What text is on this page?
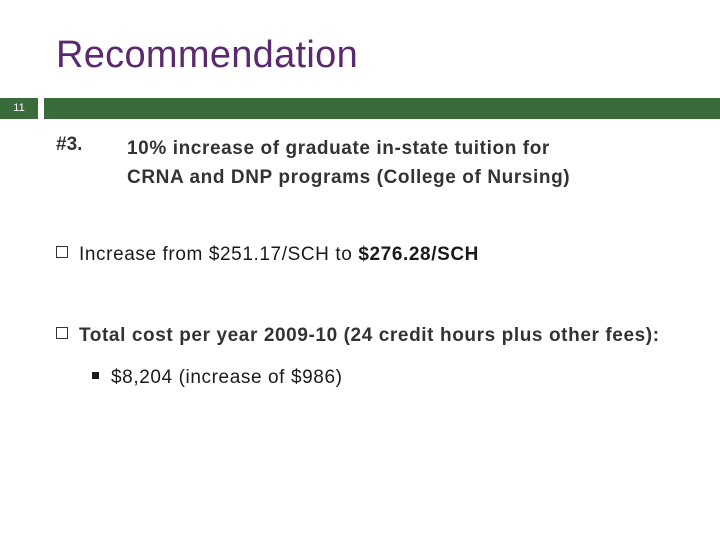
Recommendation
11
#3. 10% increase of graduate in-state tuition for
CRNA and DNP programs (College of Nursing)
Increase from $251.17/SCH to $276.28/SCH
Total cost per year 2009-10 (24 credit hours plus other fees):
$8,204 (increase of $986)
